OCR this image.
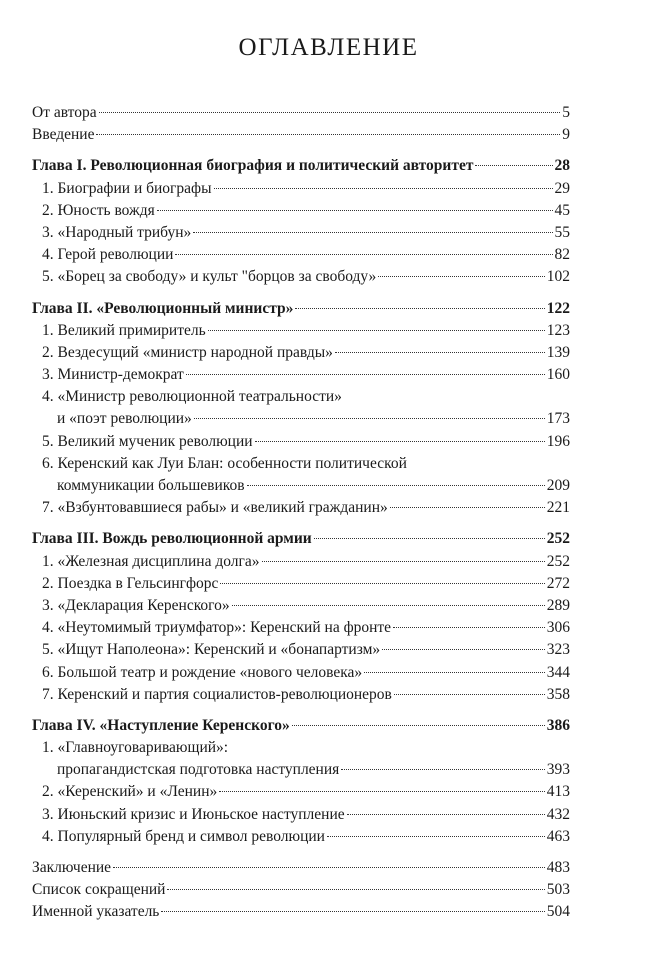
ОГЛАВЛЕНИЕ
От автора	5
Введение	9
Глава I. Революционная биография и политический авторитет	28
1. Биографии и биографы	29
2. Юность вождя	45
3. «Народный трибун»	55
4. Герой революции	82
5. «Борец за свободу» и культ "борцов за свободу»	102
Глава II. «Революционный министр»	122
1. Великий примиритель	123
2. Вездесущий «министр народной правды»	139
3. Министр-демократ	160
4. «Министр революционной театральности»
и «поэт революции»	173
5. Великий мученик революции	196
6. Керенский как Луи Блан: особенности политической
коммуникации большевиков	209
7. «Взбунтовавшиеся рабы» и «великий гражданин»	221
Глава III. Вождь революционной армии	252
1. «Железная дисциплина долга»	252
2. Поездка в Гельсингфорс	272
3. «Декларация Керенского»	289
4. «Неутомимый триумфатор»: Керенский на фронте	306
5. «Ищут Наполеона»: Керенский и «бонапартизм»	323
6. Большой театр и рождение «нового человека»	344
7. Керенский и партия социалистов-революционеров	358
Глава IV. «Наступление Керенского»	386
1. «Главноуговаривающий»:
пропагандистская подготовка наступления	393
2. «Керенский» и «Ленин»	413
3. Июньский кризис и Июньское наступление	432
4. Популярный бренд и символ революции	463
Заключение	483
Список сокращений	503
Именной указатель	504
